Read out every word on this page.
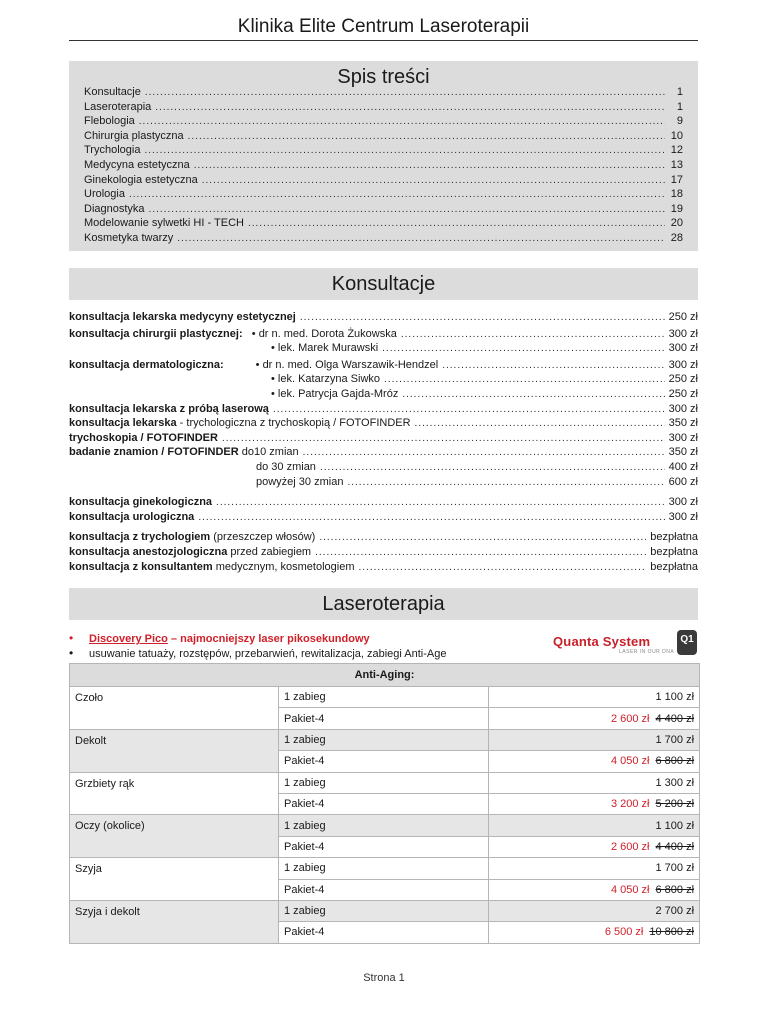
Klinika Elite Centrum Laseroterapii
Spis treści
Konsultacje .....	1
Laseroterapia .....	1
Flebologia .....	9
Chirurgia plastyczna .....	10
Trychologia .....	12
Medycyna estetyczna .....	13
Ginekologia estetyczna .....	17
Urologia .....	18
Diagnostyka .....	19
Modelowanie sylwetki HI - TECH .....	20
Kosmetyka twarzy .....	28
Konsultacje
konsultacja lekarska medycyny estetycznej .....	250 zł
konsultacja chirurgii plastycznej: • dr n. med. Dorota Żukowska .....	300 zł
• lek. Marek Murawski .....	300 zł
konsultacja dermatologiczna:	• dr n. med. Olga Warszawik-Hendzel .....	300 zł
• lek. Katarzyna Siwko .....	250 zł
• lek. Patrycja Gajda-Mróz .....	250 zł
konsultacja lekarska z próbą laserową .....	300 zł
konsultacja lekarska - trychologiczna z trychoskopią / FOTOFINDER .....	350 zł
trychoskopia / FOTOFINDER .....	300 zł
badanie znamion / FOTOFINDER do10 zmian .....	350 zł
do 30 zmian .....	400 zł
powyżej 30 zmian .....	600 zł
konsultacja ginekologiczna .....	300 zł
konsultacja urologiczna .....	300 zł
konsultacja z trychologiem (przeszczep włosów) .....	bezpłatna
konsultacja anestozjologiczna przed zabiegiem .....	bezpłatna
konsultacja z konsultantem medycznym, kosmetologiem .....	bezpłatna
Laseroterapia
•	Discovery Pico – najmocniejszy laser pikosekundowy
•	usuwanie tatuaży, rozstępów, przebarwień, rewitalizacja, zabiegi Anti-Age
Quanta System
LASER IN OUR DNA
Q1
Anti-Aging:		
Czoło	1 zabieg	1 100 zł
	Pakiet-4	2 600 zł 4 400 zł
Dekolt	1 zabieg	1 700 zł
	Pakiet-4	4 050 zł 6 800 zł
Grzbiety rąk	1 zabieg	1 300 zł
	Pakiet-4	3 200 zł 5 200 zł
Oczy (okolice)	1 zabieg	1 100 zł
	Pakiet-4	2 600 zł 4 400 zł
Szyja	1 zabieg	1 700 zł
	Pakiet-4	4 050 zł 6 800 zł
Szyja i dekolt	1 zabieg	2 700 zł
	Pakiet-4	6 500 zł 10 800 zł
Strona 1
